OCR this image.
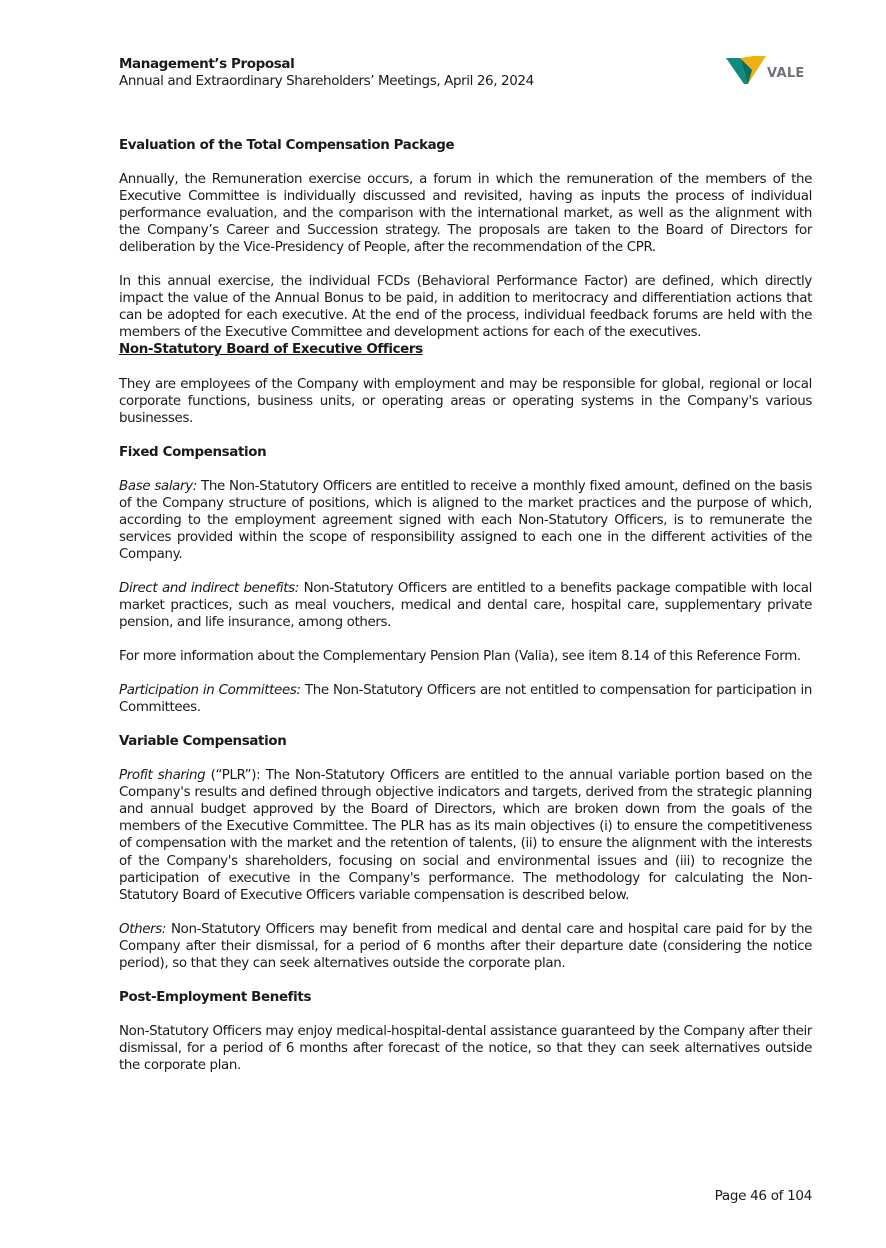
Management’s Proposal
Annual and Extraordinary Shareholders’ Meetings, April 26, 2024	VALE
Evaluation of the Total Compensation Package

Annually, the Remuneration exercise occurs, a forum in which the remuneration of the members of the Executive Committee is individually discussed and revisited, having as inputs the process of individual performance evaluation, and the comparison with the international market, as well as the alignment with the Company’s Career and Succession strategy. The proposals are taken to the Board of Directors for deliberation by the Vice-Presidency of People, after the recommendation of the CPR.

In this annual exercise, the individual FCDs (Behavioral Performance Factor) are defined, which directly impact the value of the Annual Bonus to be paid, in addition to meritocracy and differentiation actions that can be adopted for each executive. At the end of the process, individual feedback forums are held with the members of the Executive Committee and development actions for each of the executives.

Non-Statutory Board of Executive Officers

They are employees of the Company with employment and may be responsible for global, regional or local corporate functions, business units, or operating areas or operating systems in the Company's various businesses.

Fixed Compensation

Base salary: The Non-Statutory Officers are entitled to receive a monthly fixed amount, defined on the basis of the Company structure of positions, which is aligned to the market practices and the purpose of which, according to the employment agreement signed with each Non-Statutory Officers, is to remunerate the services provided within the scope of responsibility assigned to each one in the different activities of the Company.

Direct and indirect benefits: Non-Statutory Officers are entitled to a benefits package compatible with local market practices, such as meal vouchers, medical and dental care, hospital care, supplementary private pension, and life insurance, among others.

For more information about the Complementary Pension Plan (Valia), see item 8.14 of this Reference Form.

Participation in Committees: The Non-Statutory Officers are not entitled to compensation for participation in Committees.

Variable Compensation

Profit sharing (“PLR”): The Non-Statutory Officers are entitled to the annual variable portion based on the Company's results and defined through objective indicators and targets, derived from the strategic planning and annual budget approved by the Board of Directors, which are broken down from the goals of the members of the Executive Committee. The PLR has as its main objectives (i) to ensure the competitiveness of compensation with the market and the retention of talents, (ii) to ensure the alignment with the interests of the Company's shareholders, focusing on social and environmental issues and (iii) to recognize the participation of executive in the Company's performance. The methodology for calculating the Non-Statutory Board of Executive Officers variable compensation is described below.

Others: Non-Statutory Officers may benefit from medical and dental care and hospital care paid for by the Company after their dismissal, for a period of 6 months after their departure date (considering the notice period), so that they can seek alternatives outside the corporate plan.

Post-Employment Benefits

Non-Statutory Officers may enjoy medical-hospital-dental assistance guaranteed by the Company after their dismissal, for a period of 6 months after forecast of the notice, so that they can seek alternatives outside the corporate plan.

Page 46 of 104
